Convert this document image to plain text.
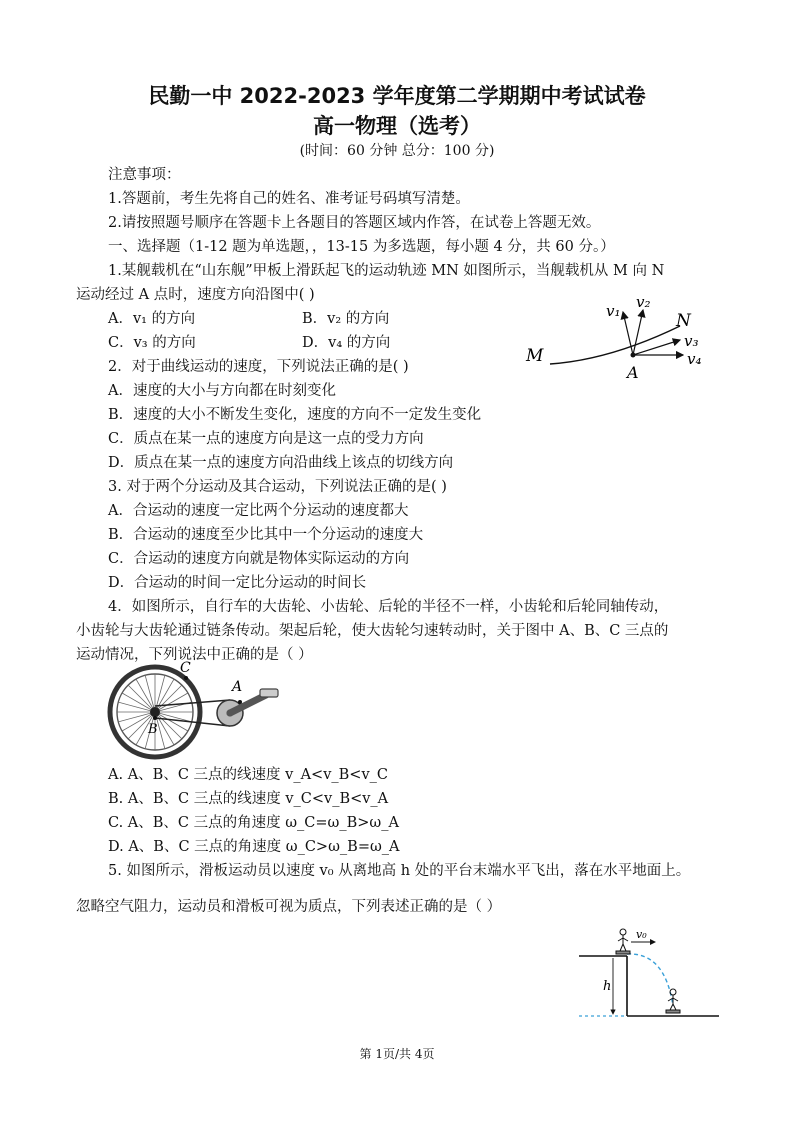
民勤一中 2022-2023 学年度第二学期期中考试试卷
高一物理（选考）
(时间：60 分钟 总分：100 分)
注意事项：
1.答题前，考生先将自己的姓名、准考证号码填写清楚。
2.请按照题号顺序在答题卡上各题目的答题区域内作答，在试卷上答题无效。
一、选择题（1-12 题为单选题，，13-15 为多选题，每小题 4 分，共 60 分。）
1.某舰载机在“山东舰”甲板上滑跃起飞的运动轨迹 MN 如图所示，当舰载机从 M 向 N
运动经过 A 点时，速度方向沿图中( )
A．v₁ 的方向	B．v₂ 的方向
C．v₃ 的方向	D．v₄ 的方向
M
N
A
v₁ v₂
v₃
v₄
2．对于曲线运动的速度，下列说法正确的是( )
A．速度的大小与方向都在时刻变化
B．速度的大小不断发生变化，速度的方向不一定发生变化
C．质点在某一点的速度方向是这一点的受力方向
D．质点在某一点的速度方向沿曲线上该点的切线方向
3. 对于两个分运动及其合运动，下列说法正确的是( )
A．合运动的速度一定比两个分运动的速度都大
B．合运动的速度至少比其中一个分运动的速度大
C．合运动的速度方向就是物体实际运动的方向
D．合运动的时间一定比分运动的时间长
4．如图所示，自行车的大齿轮、小齿轮、后轮的半径不一样，小齿轮和后轮同轴传动，
小齿轮与大齿轮通过链条传动。架起后轮，使大齿轮匀速转动时，关于图中 A、B、C 三点的
运动情况，下列说法中正确的是（ ）
C
A
B
A. A、B、C 三点的线速度 v_A<v_B<v_C
B. A、B、C 三点的线速度 v_C<v_B<v_A
C. A、B、C 三点的角速度 ω_C=ω_B>ω_A
D. A、B、C 三点的角速度 ω_C>ω_B=ω_A
5. 如图所示，滑板运动员以速度 v₀ 从离地高 h 处的平台末端水平飞出，落在水平地面上。
忽略空气阻力，运动员和滑板可视为质点，下列表述正确的是（ ）
v₀
h
第 1页/共 4页
